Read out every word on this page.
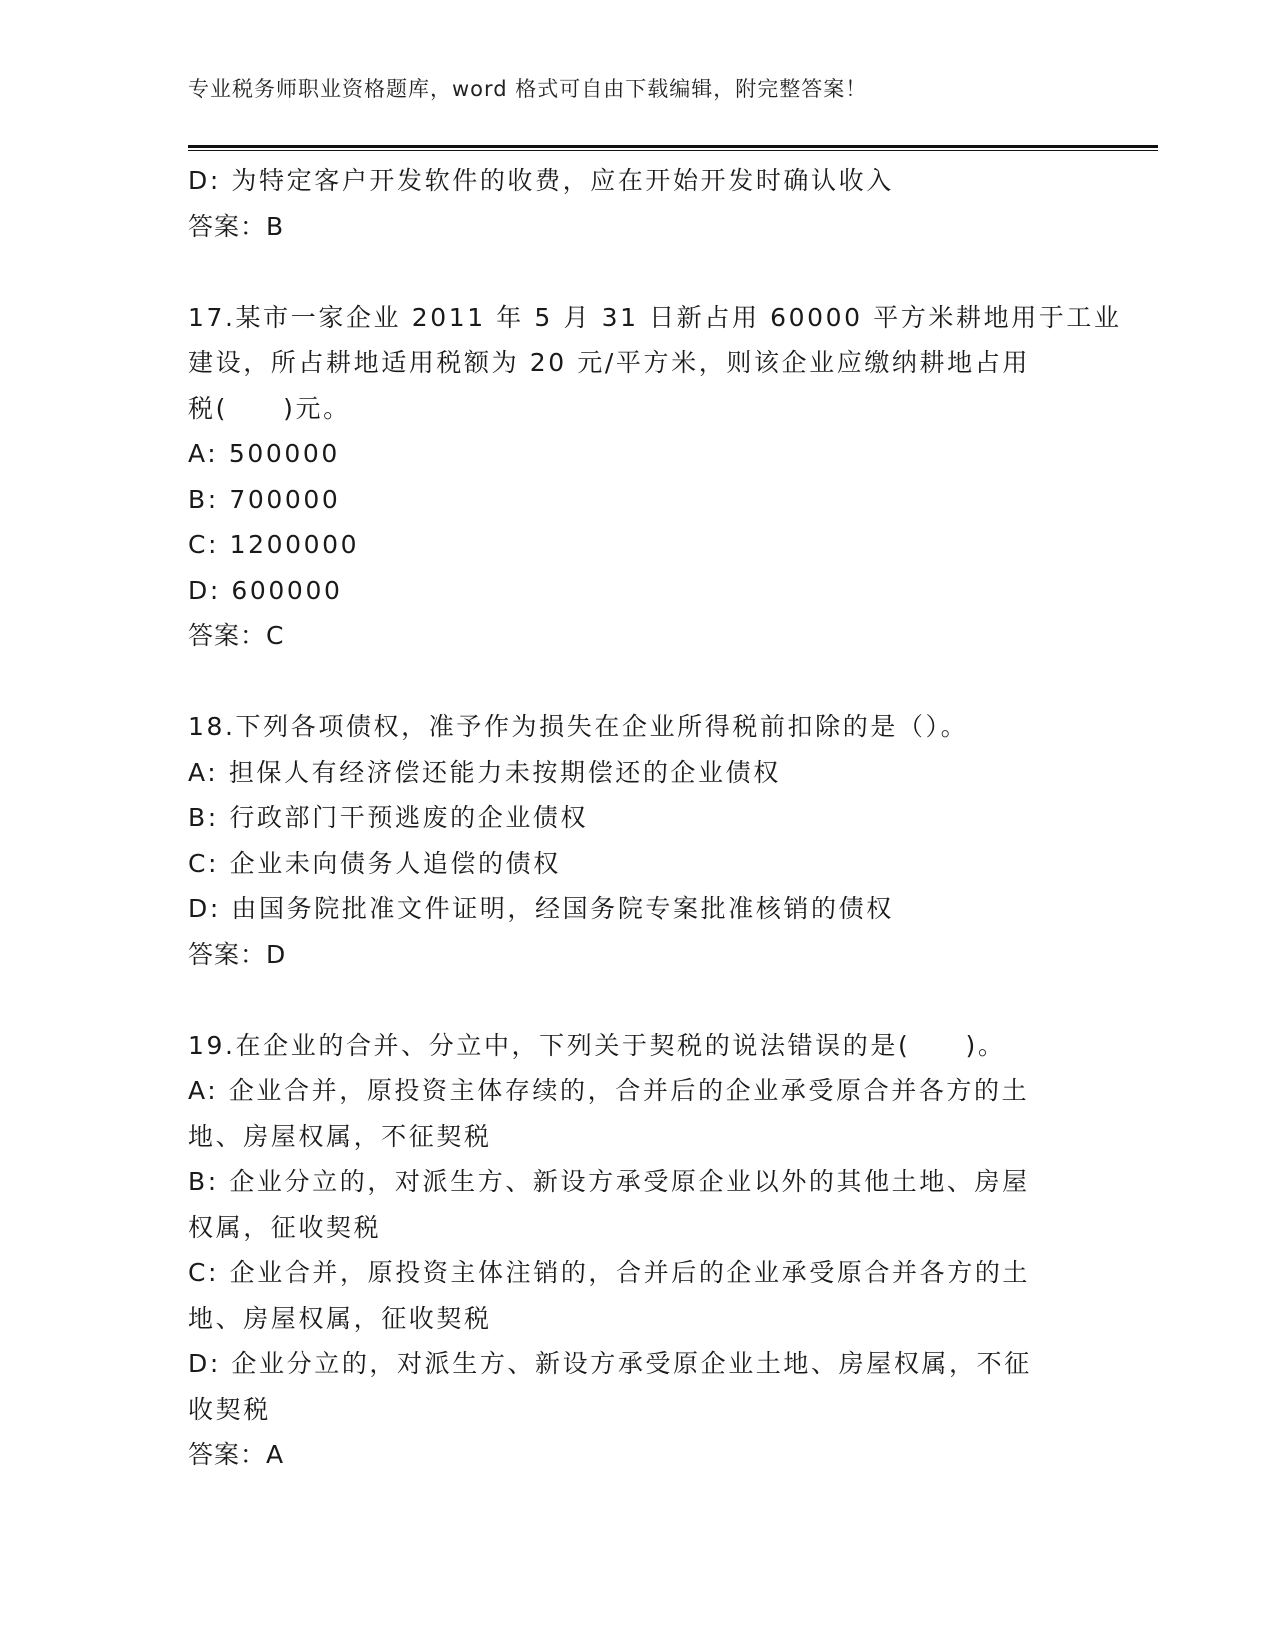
专业税务师职业资格题库，word 格式可自由下载编辑，附完整答案！
D: 为特定客户开发软件的收费，应在开始开发时确认收入
答案：B
17.某市一家企业 2011 年 5 月 31 日新占用 60000 平方米耕地用于工业
建设，所占耕地适用税额为 20 元/平方米，则该企业应缴纳耕地占用
税(　　)元。
A: 500000
B: 700000
C: 1200000
D: 600000
答案：C
18.下列各项债权，准予作为损失在企业所得税前扣除的是（）。
A: 担保人有经济偿还能力未按期偿还的企业债权
B: 行政部门干预逃废的企业债权
C: 企业未向债务人追偿的债权
D: 由国务院批准文件证明，经国务院专案批准核销的债权
答案：D
19.在企业的合并、分立中，下列关于契税的说法错误的是(　　)。
A: 企业合并，原投资主体存续的，合并后的企业承受原合并各方的土
地、房屋权属，不征契税
B: 企业分立的，对派生方、新设方承受原企业以外的其他土地、房屋
权属，征收契税
C: 企业合并，原投资主体注销的，合并后的企业承受原合并各方的土
地、房屋权属，征收契税
D: 企业分立的，对派生方、新设方承受原企业土地、房屋权属，不征
收契税
答案：A
